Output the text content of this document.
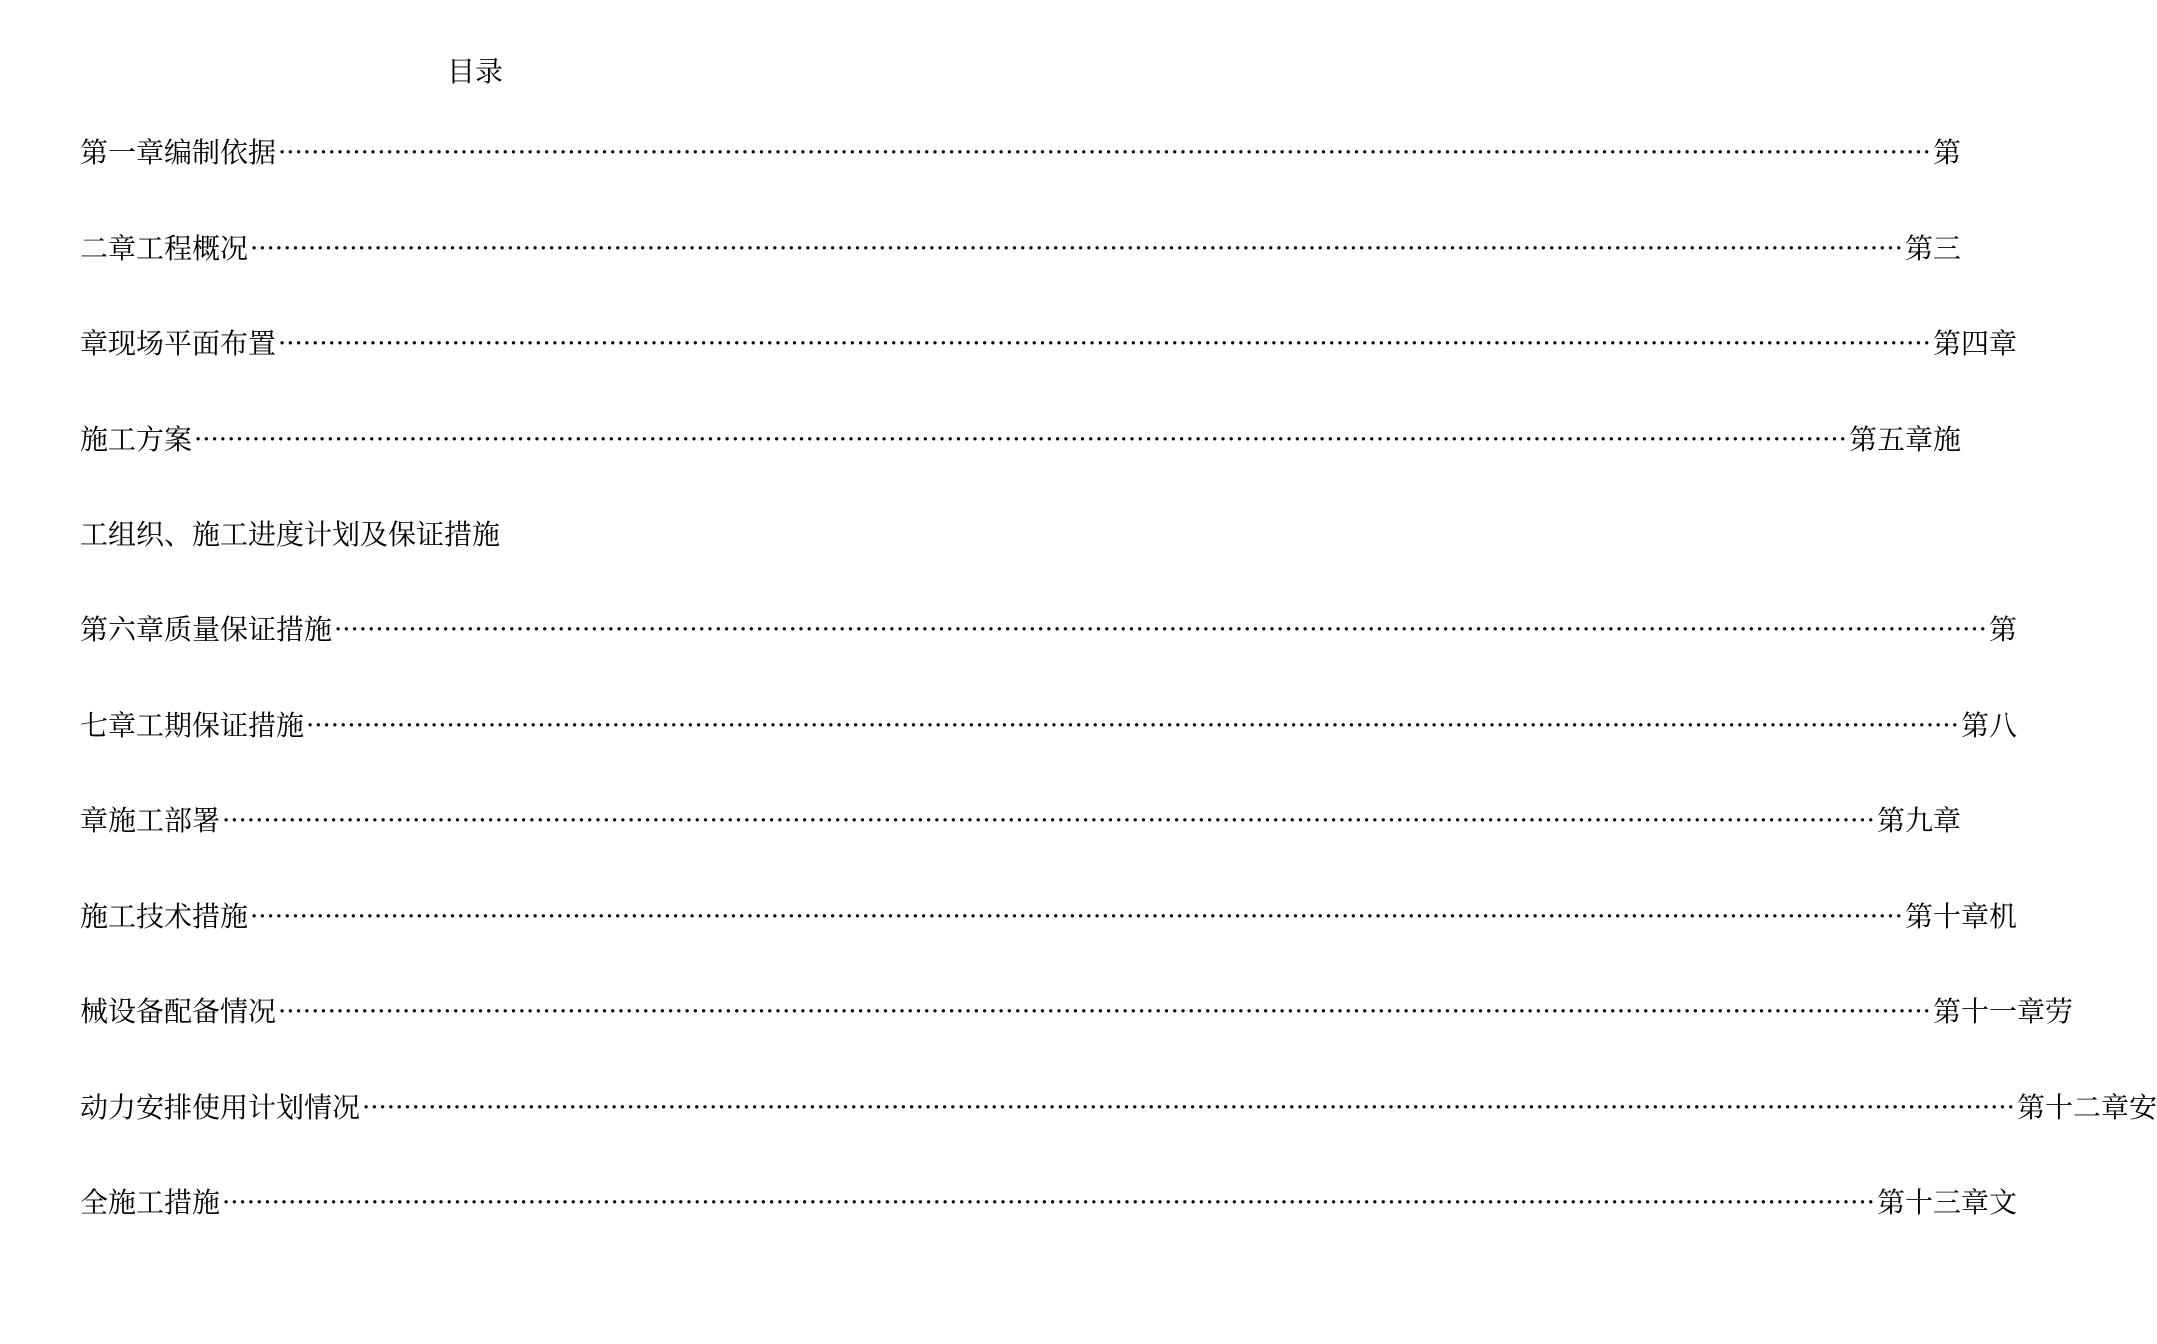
目录
第一章编制依据 ········································································································································································································ 第
二章工程概况 ········································································································································································································ 第三
章现场平面布置 ········································································································································································································ 第四章
施工方案 ········································································································································································································ 第五章施
工组织、施工进度计划及保证措施
第六章质量保证措施 ········································································································································································································ 第
七章工期保证措施 ········································································································································································································ 第八
章施工部署 ········································································································································································································ 第九章
施工技术措施 ········································································································································································································ 第十章机
械设备配备情况 ········································································································································································································ 第十一章劳
动力安排使用计划情况 ········································································································································································································ 第十二章安
全施工措施 ········································································································································································································ 第十三章文
